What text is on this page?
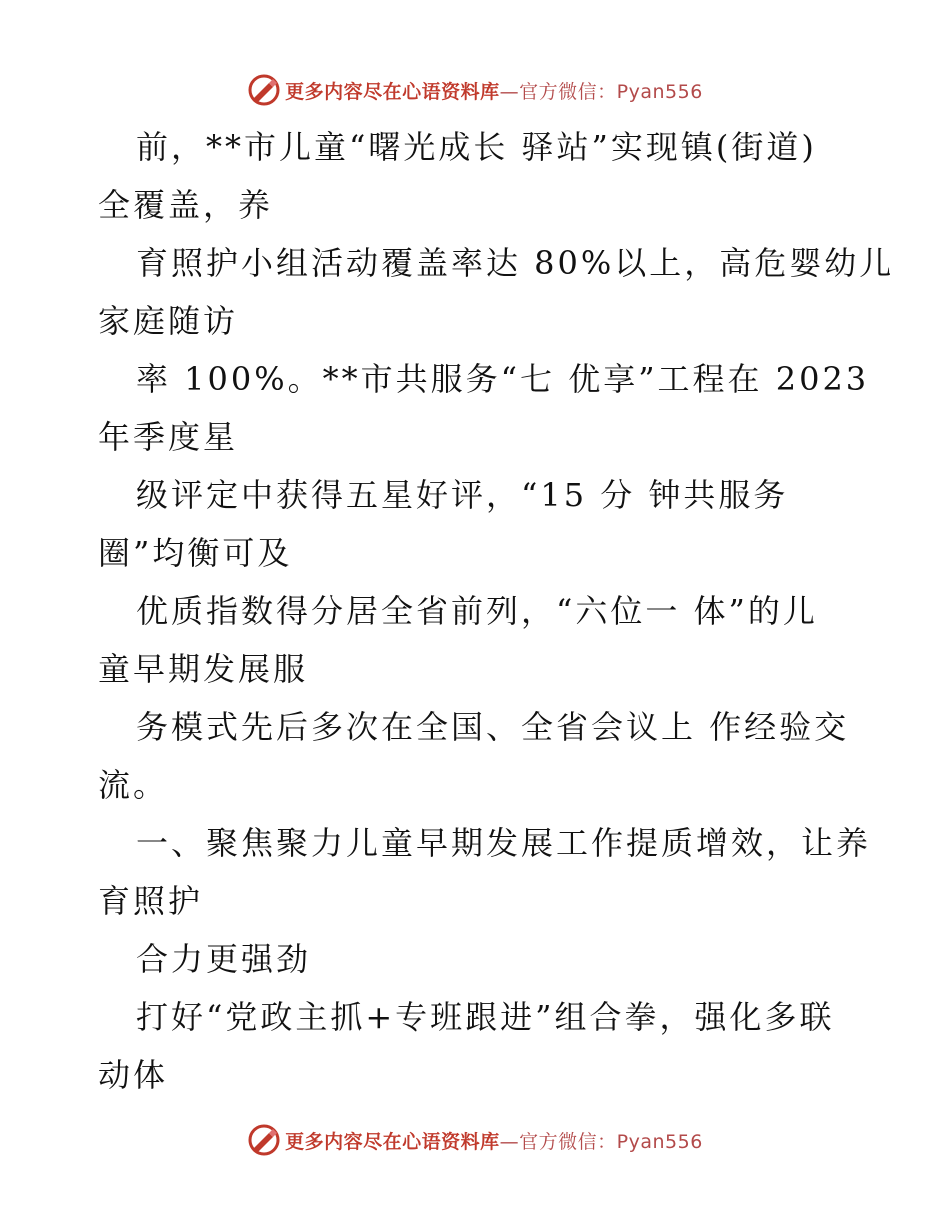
更多内容尽在心语资料库—官方微信：Pyan556
前，**市儿童“曙光成长 驿站”实现镇(街道)
全覆盖，养
育照护小组活动覆盖率达 80%以上，高危婴幼儿
家庭随访
率 100%。**市共服务“七 优享”工程在 2023
年季度星
级评定中获得五星好评，“15 分 钟共服务
圈”均衡可及
优质指数得分居全省前列，“六位一 体”的儿
童早期发展服
务模式先后多次在全国、全省会议上 作经验交
流。
一、聚焦聚力儿童早期发展工作提质增效，让养
育照护
合力更强劲
打好“党政主抓+专班跟进”组合拳，强化多联
动体
更多内容尽在心语资料库—官方微信：Pyan556
